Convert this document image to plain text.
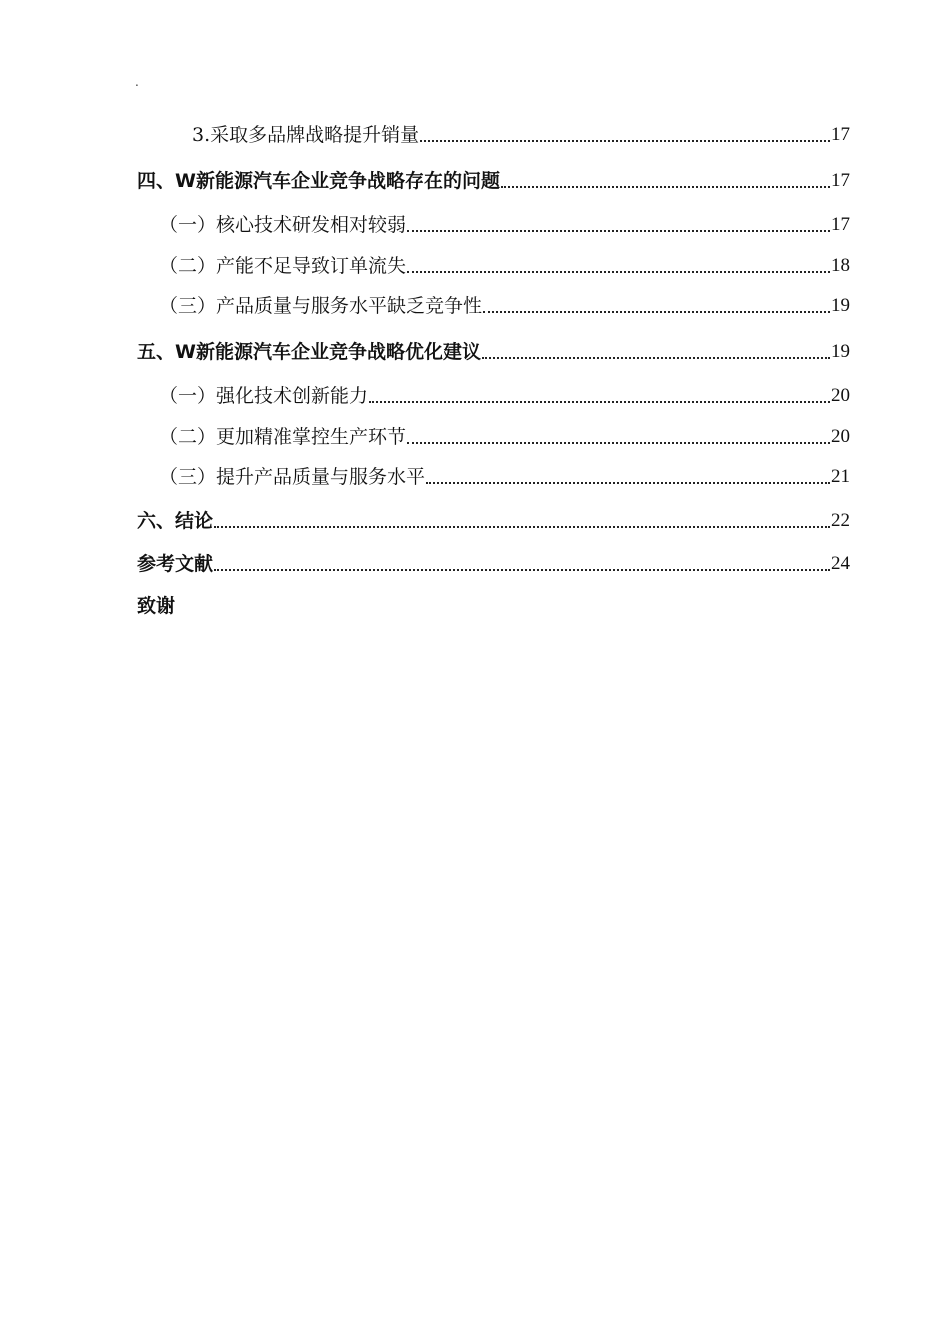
.
3.采取多品牌战略提升销量	17
四、W新能源汽车企业竞争战略存在的问题	17
（一）核心技术研发相对较弱	17
（二）产能不足导致订单流失	18
（三）产品质量与服务水平缺乏竞争性	19
五、W新能源汽车企业竞争战略优化建议	19
（一）强化技术创新能力	20
（二）更加精准掌控生产环节	20
（三）提升产品质量与服务水平	21
六、结论	22
参考文献	24
致谢
